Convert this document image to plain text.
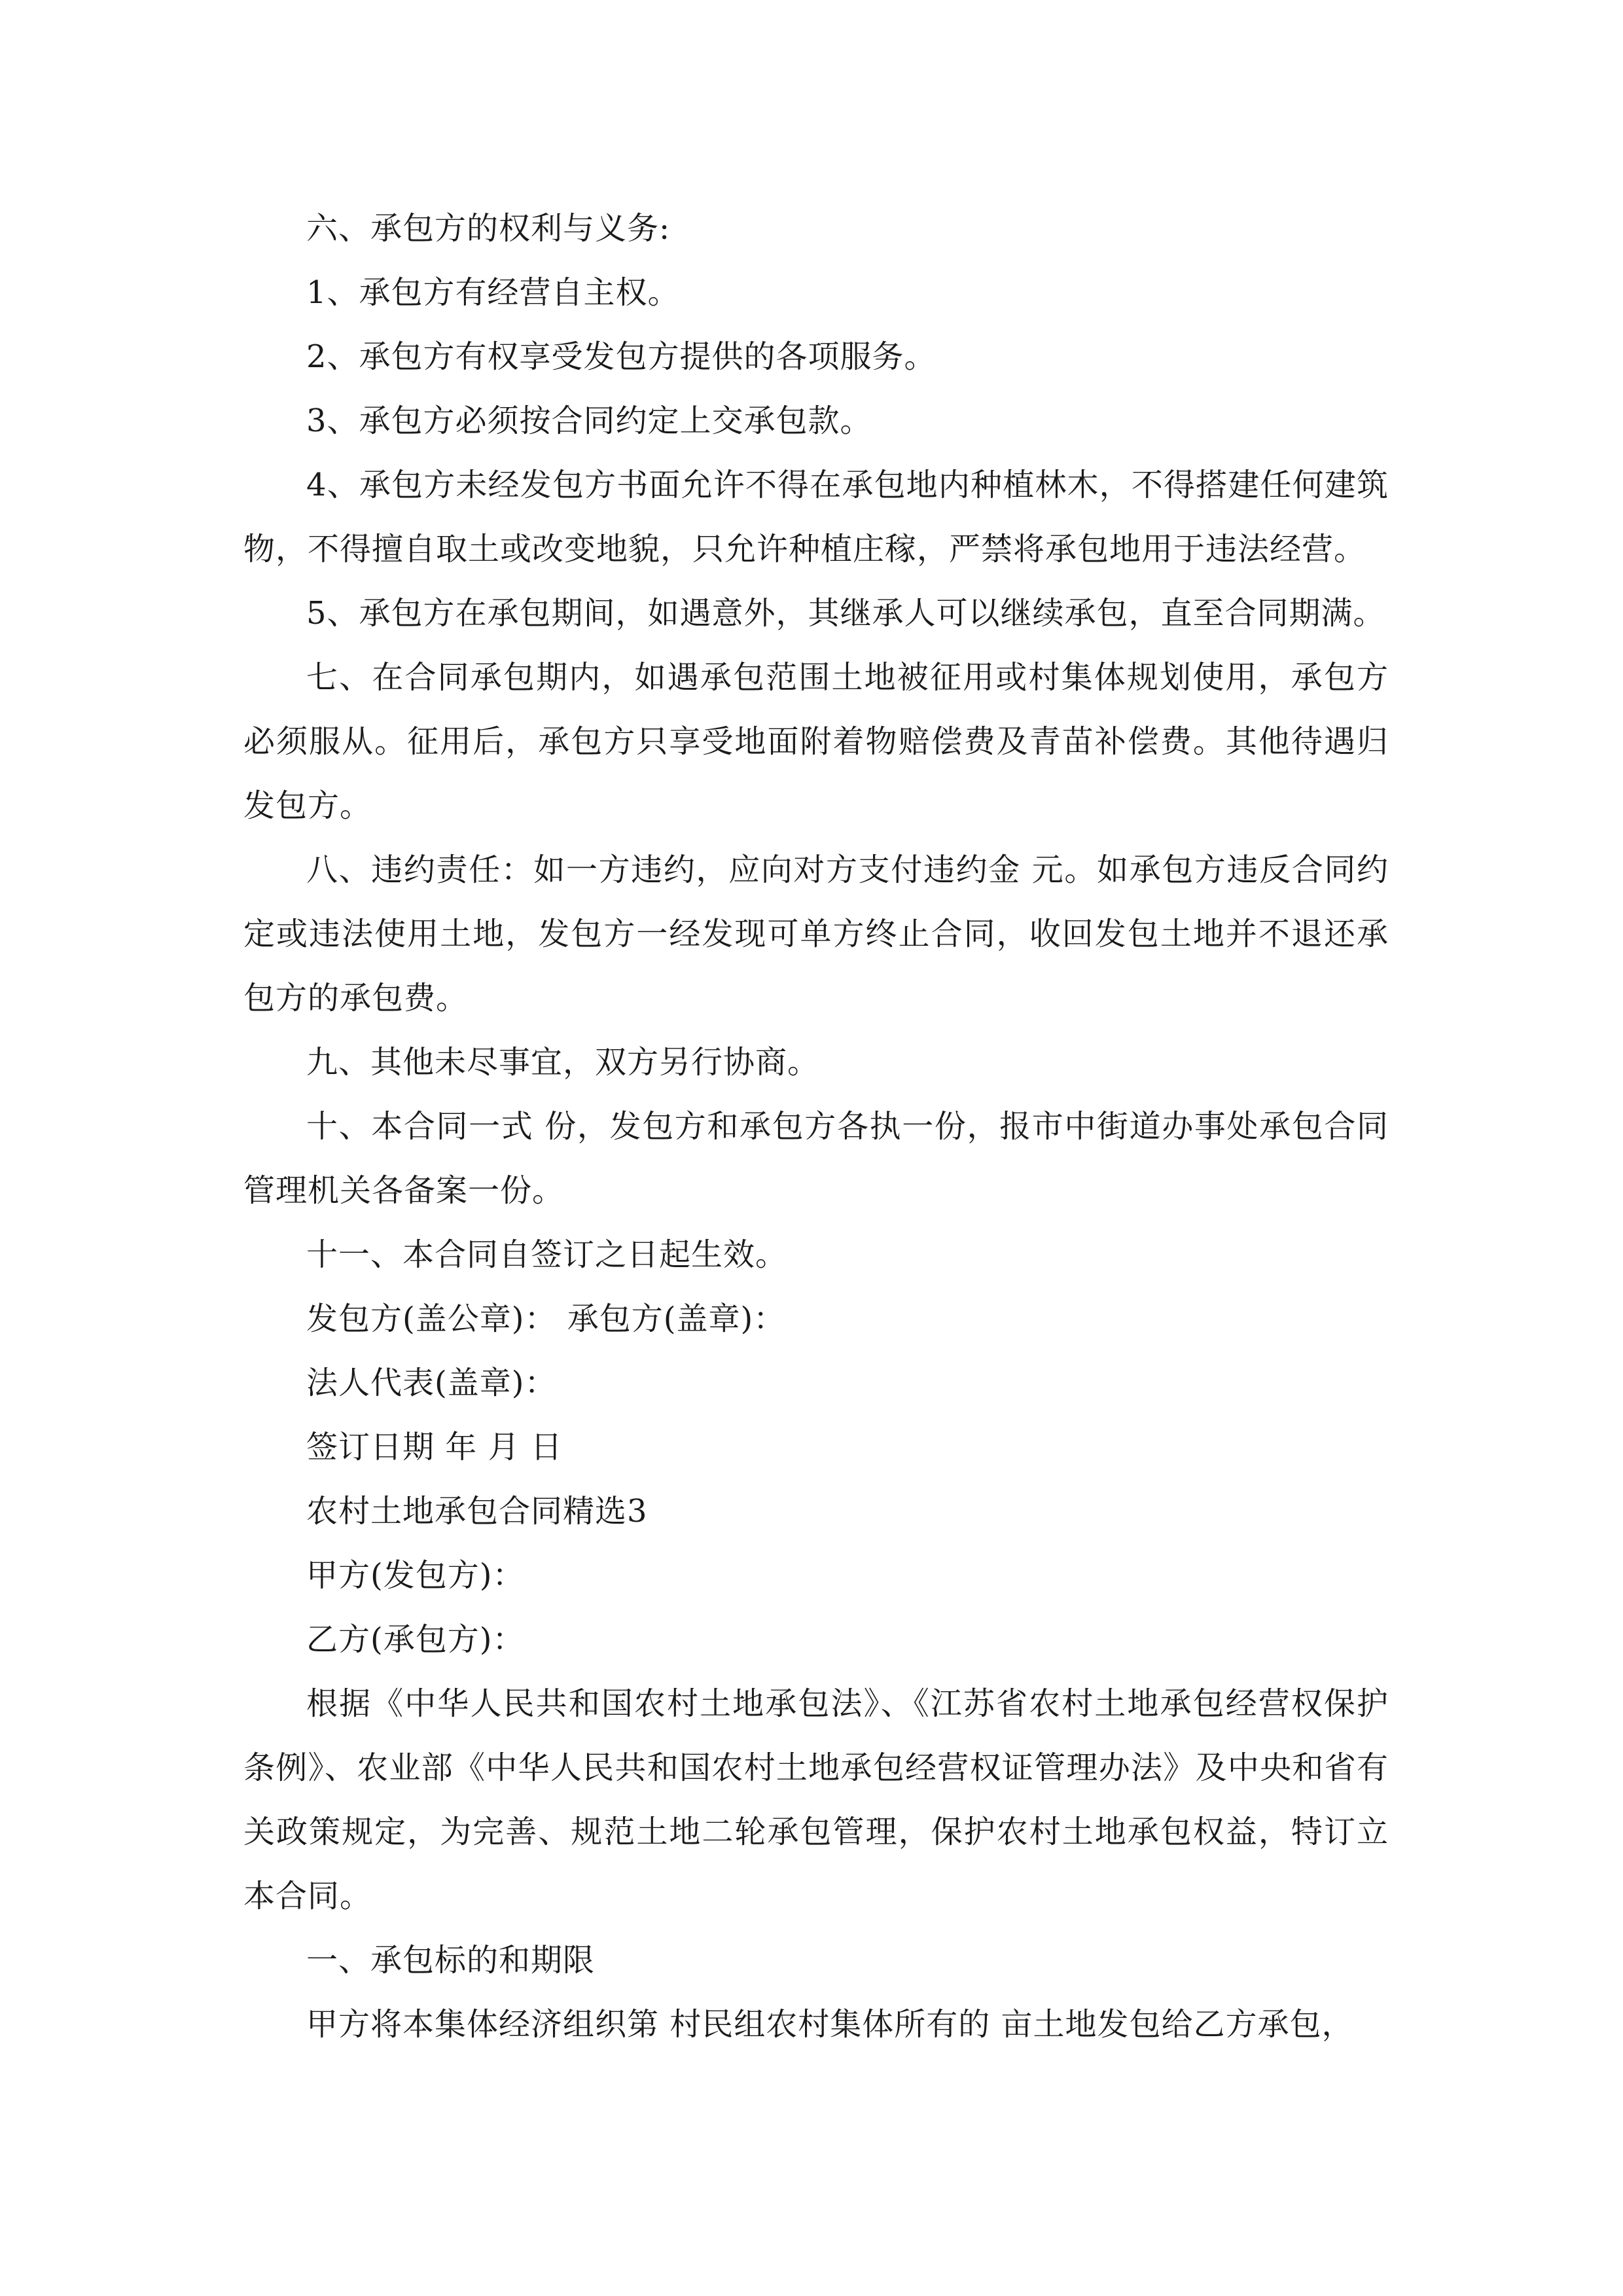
六、承包方的权利与义务:

1、承包方有经营自主权。

2、承包方有权享受发包方提供的各项服务。

3、承包方必须按合同约定上交承包款。

4、承包方未经发包方书面允许不得在承包地内种植林木，不得搭建任何建筑物，不得擅自取土或改变地貌，只允许种植庄稼，严禁将承包地用于违法经营。

5、承包方在承包期间，如遇意外，其继承人可以继续承包，直至合同期满。

七、在合同承包期内，如遇承包范围土地被征用或村集体规划使用，承包方必须服从。征用后，承包方只享受地面附着物赔偿费及青苗补偿费。其他待遇归发包方。

八、违约责任：如一方违约，应向对方支付违约金 元。如承包方违反合同约定或违法使用土地，发包方一经发现可单方终止合同，收回发包土地并不退还承包方的承包费。

九、其他未尽事宜，双方另行协商。

十、本合同一式 份，发包方和承包方各执一份，报市中街道办事处承包合同管理机关各备案一份。

十一、本合同自签订之日起生效。

发包方(盖公章)： 承包方(盖章)：

法人代表(盖章)：

签订日期 年 月 日

农村土地承包合同精选3

甲方(发包方)：

乙方(承包方)：

根据《中华人民共和国农村土地承包法》、《江苏省农村土地承包经营权保护条例》、农业部《中华人民共和国农村土地承包经营权证管理办法》及中央和省有关政策规定，为完善、规范土地二轮承包管理，保护农村土地承包权益，特订立本合同。

一、承包标的和期限

甲方将本集体经济组织第 村民组农村集体所有的 亩土地发包给乙方承包，
